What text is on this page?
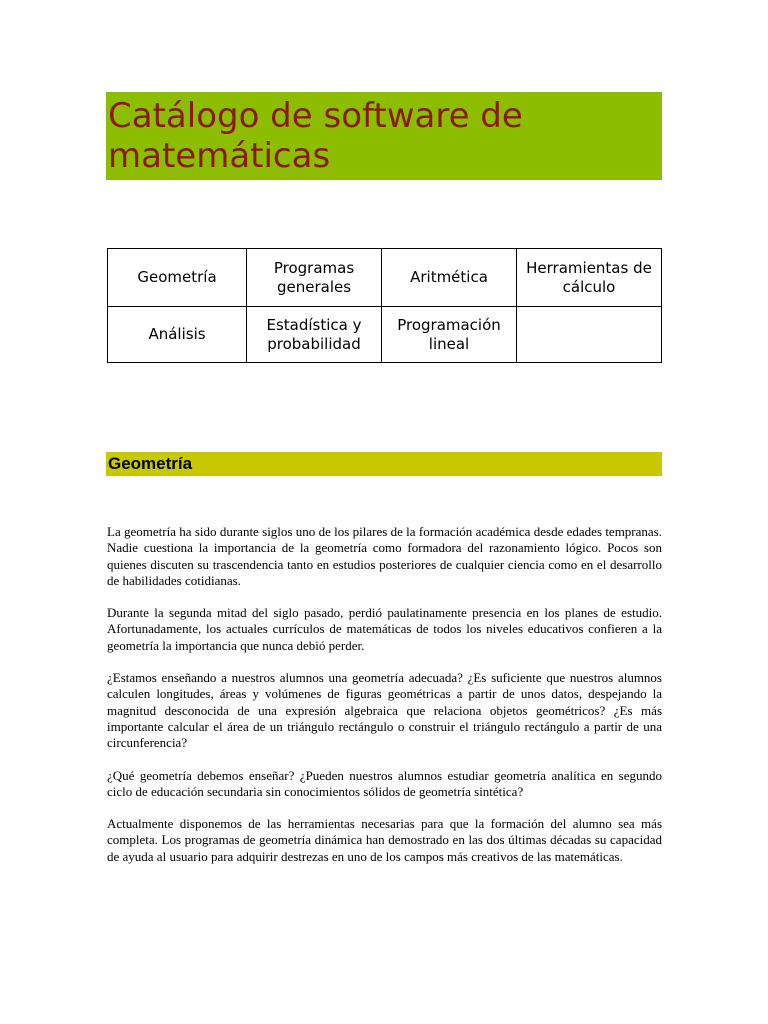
Catálogo de software de matemáticas
Geometría	Programas generales	Aritmética	Herramientas de cálculo
Análisis	Estadística y probabilidad	Programación lineal	
Geometría

La geometría ha sido durante siglos uno de los pilares de la formación académica desde edades tempranas. Nadie cuestiona la importancia de la geometría como formadora del razonamiento lógico. Pocos son quienes discuten su trascendencia tanto en estudios posteriores de cualquier ciencia como en el desarrollo de habilidades cotidianas.

Durante la segunda mitad del siglo pasado, perdió paulatinamente presencia en los planes de estudio. Afortunadamente, los actuales currículos de matemáticas de todos los niveles educativos confieren a la geometría la importancia que nunca debió perder.

¿Estamos enseñando a nuestros alumnos una geometría adecuada? ¿Es suficiente que nuestros alumnos calculen longitudes, áreas y volúmenes de figuras geométricas a partir de unos datos, despejando la magnitud desconocida de una expresión algebraica que relaciona objetos geométricos? ¿Es más importante calcular el área de un triángulo rectángulo o construir el triángulo rectángulo a partir de una circunferencia?

¿Qué geometría debemos enseñar? ¿Pueden nuestros alumnos estudiar geometría analítica en segundo ciclo de educación secundaria sin conocimientos sólidos de geometría sintética?

Actualmente disponemos de las herramientas necesarias para que la formación del alumno sea más completa. Los programas de geometría dinámica han demostrado en las dos últimas décadas su capacidad de ayuda al usuario para adquirir destrezas en uno de los campos más creativos de las matemáticas.
